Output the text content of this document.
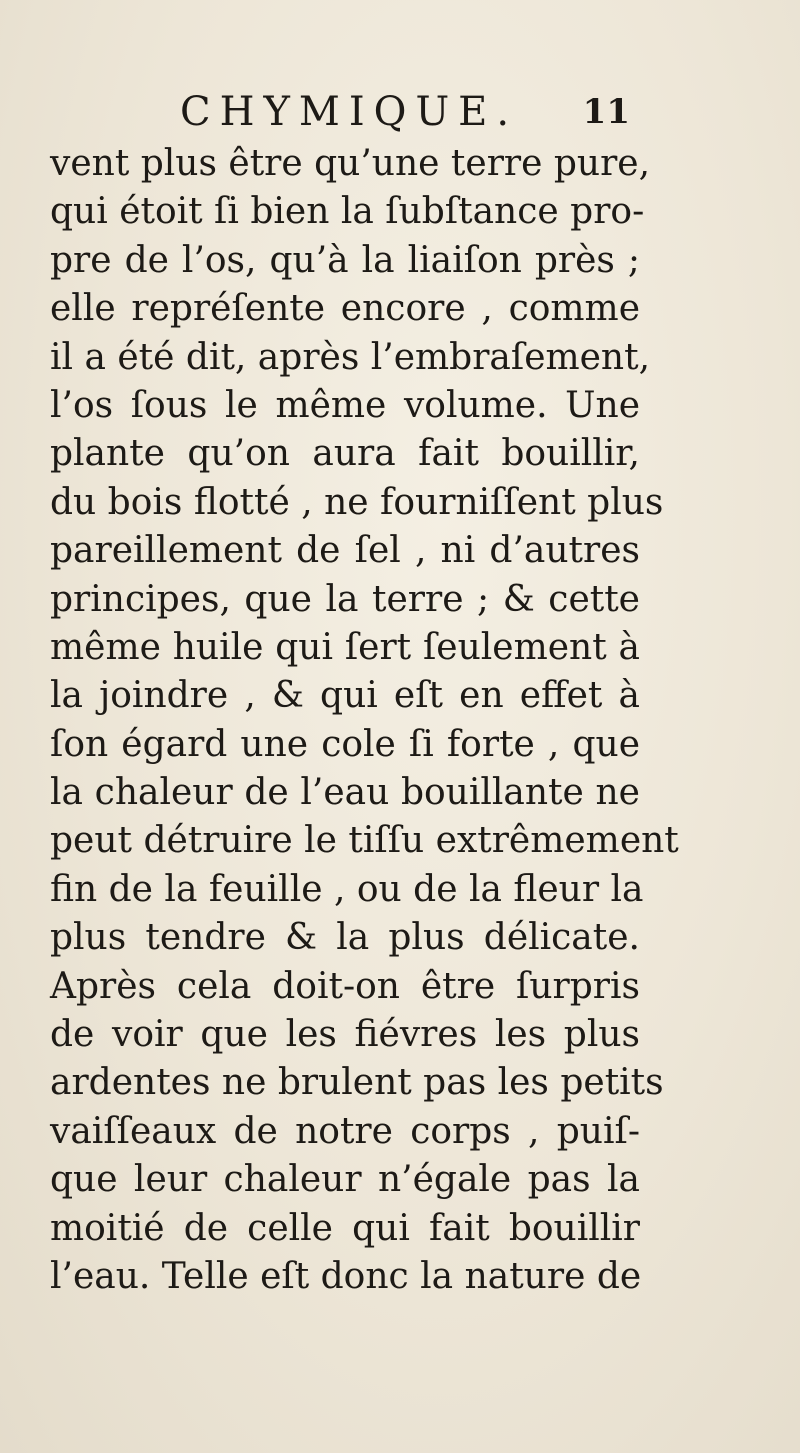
CHYMIQUE. 11
vent plus être qu’une terre pure,
qui étoit ſi bien la ſubſtance pro-
pre de l’os, qu’à la liaiſon près ;
elle repréſente encore , comme
il a été dit, après l’embraſement,
l’os ſous le même volume. Une
plante qu’on aura fait bouillir,
du bois flotté , ne fourniſſent plus
pareillement de ſel , ni d’autres
principes, que la terre ; & cette
même huile qui ſert ſeulement à
la joindre , & qui eſt en effet à
ſon égard une cole ſi forte , que
la chaleur de l’eau bouillante ne
peut détruire le tiſſu extrêmement
fin de la feuille , ou de la fleur la
plus tendre & la plus délicate.
Après cela doit-on être ſurpris
de voir que les fiévres les plus
ardentes ne brulent pas les petits
vaiſſeaux de notre corps , puiſ-
que leur chaleur n’égale pas la
moitié de celle qui fait bouillir
l’eau. Telle eſt donc la nature de
